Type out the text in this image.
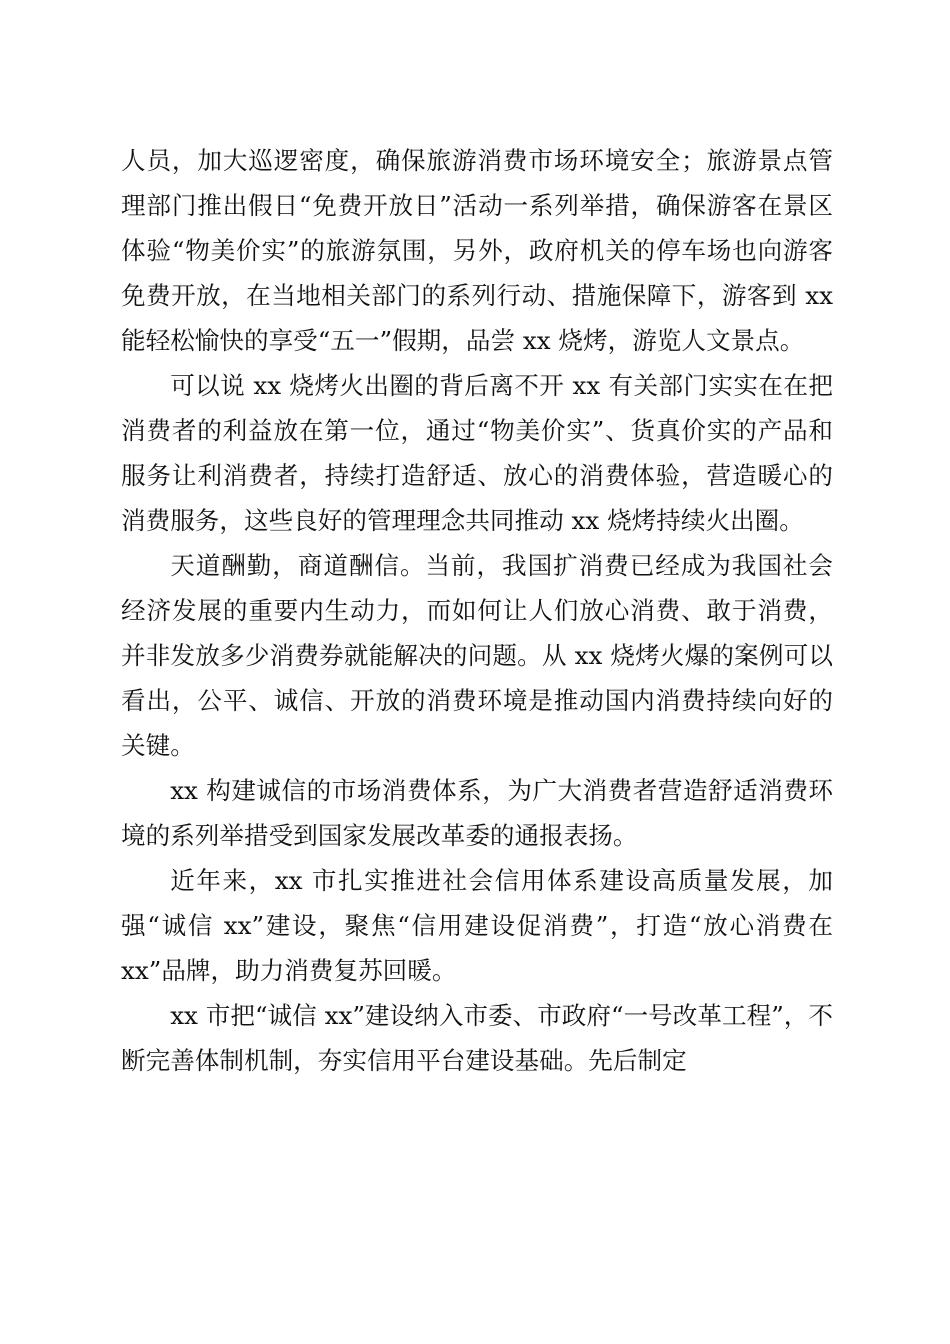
人员，加大巡逻密度，确保旅游消费市场环境安全；旅游景点管理部门推出假日“免费开放日”活动一系列举措，确保游客在景区体验“物美价实”的旅游氛围，另外，政府机关的停车场也向游客免费开放，在当地相关部门的系列行动、措施保障下，游客到 xx 能轻松愉快的享受“五一”假期，品尝 xx 烧烤，游览人文景点。

可以说 xx 烧烤火出圈的背后离不开 xx 有关部门实实在在把消费者的利益放在第一位，通过“物美价实”、货真价实的产品和服务让利消费者，持续打造舒适、放心的消费体验，营造暖心的消费服务，这些良好的管理理念共同推动 xx 烧烤持续火出圈。

天道酬勤，商道酬信。当前，我国扩消费已经成为我国社会经济发展的重要内生动力，而如何让人们放心消费、敢于消费，并非发放多少消费券就能解决的问题。从 xx 烧烤火爆的案例可以看出，公平、诚信、开放的消费环境是推动国内消费持续向好的关键。

xx 构建诚信的市场消费体系，为广大消费者营造舒适消费环境的系列举措受到国家发展改革委的通报表扬。

近年来，xx 市扎实推进社会信用体系建设高质量发展，加强“诚信 xx”建设，聚焦“信用建设促消费”，打造“放心消费在 xx”品牌，助力消费复苏回暖。

xx 市把“诚信 xx”建设纳入市委、市政府“一号改革工程”，不断完善体制机制，夯实信用平台建设基础。先后制定
